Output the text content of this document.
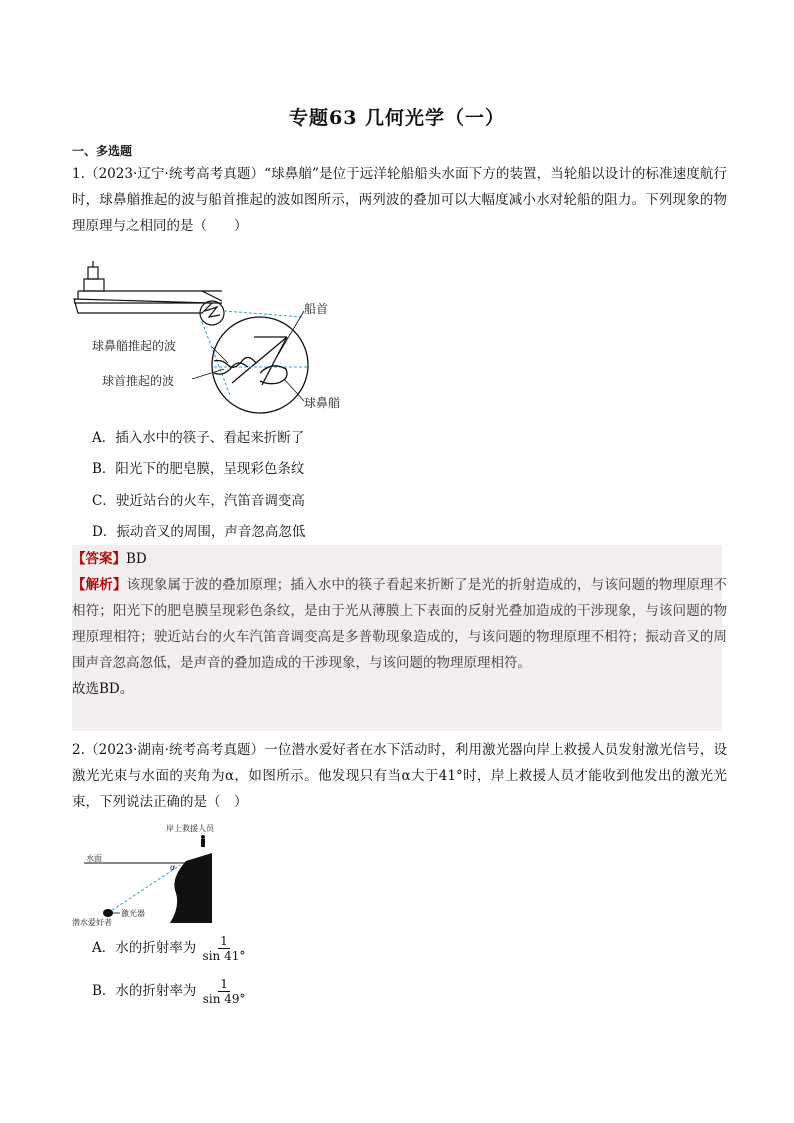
专题63 几何光学（一）
一、多选题
1.（2023·辽宁·统考高考真题）“球鼻艏”是位于远洋轮船船头水面下方的装置，当轮船以设计的标准速度航行时，球鼻艏推起的波与船首推起的波如图所示，两列波的叠加可以大幅度减小水对轮船的阻力。下列现象的物理原理与之相同的是（　　）
船首
球鼻艏推起的波
球首推起的波
球鼻艏
A．插入水中的筷子、看起来折断了
B．阳光下的肥皂膜，呈现彩色条纹
C．驶近站台的火车，汽笛音调变高
D．振动音叉的周围，声音忽高忽低
【答案】BD
【解析】该现象属于波的叠加原理；插入水中的筷子看起来折断了是光的折射造成的，与该问题的物理原理不相符；阳光下的肥皂膜呈现彩色条纹，是由于光从薄膜上下表面的反射光叠加造成的干涉现象，与该问题的物理原理相符；驶近站台的火车汽笛音调变高是多普勒现象造成的，与该问题的物理原理不相符；振动音叉的周围声音忽高忽低，是声音的叠加造成的干涉现象，与该问题的物理原理相符。
故选BD。
2.（2023·湖南·统考高考真题）一位潜水爱好者在水下活动时，利用激光器向岸上救援人员发射激光信号，设激光光束与水面的夹角为α，如图所示。他发现只有当α大于41°时，岸上救援人员才能收到他发出的激光光束，下列说法正确的是（　）
岸上救援人员
水面
α
潜水爱好者
激光器
A．水的折射率为 $\frac{1}{\sin 41^\circ}$
B．水的折射率为 $\frac{1}{\sin 49^\circ}$
